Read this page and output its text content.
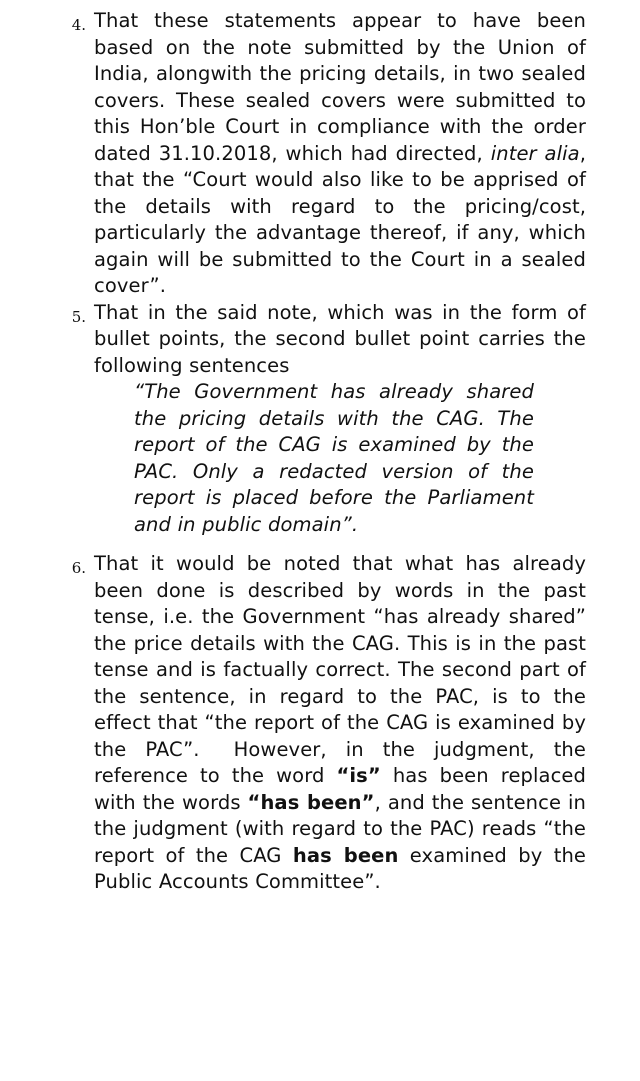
4. That these statements appear to have been based on the note submitted by the Union of India, alongwith the pricing details, in two sealed covers. These sealed covers were submitted to this Hon’ble Court in compliance with the order dated 31.10.2018, which had directed, inter alia, that the “Court would also like to be apprised of the details with regard to the pricing/cost, particularly the advantage thereof, if any, which again will be submitted to the Court in a sealed cover”.
5. That in the said note, which was in the form of bullet points, the second bullet point carries the following sentences
“The Government has already shared the pricing details with the CAG. The report of the CAG is examined by the PAC. Only a redacted version of the report is placed before the Parliament and in public domain”.
6. That it would be noted that what has already been done is described by words in the past tense, i.e. the Government “has already shared” the price details with the CAG. This is in the past tense and is factually correct. The second part of the sentence, in regard to the PAC, is to the effect that “the report of the CAG is examined by the PAC”. However, in the judgment, the reference to the word “is” has been replaced with the words “has been”, and the sentence in the judgment (with regard to the PAC) reads “the report of the CAG has been examined by the Public Accounts Committee”.
